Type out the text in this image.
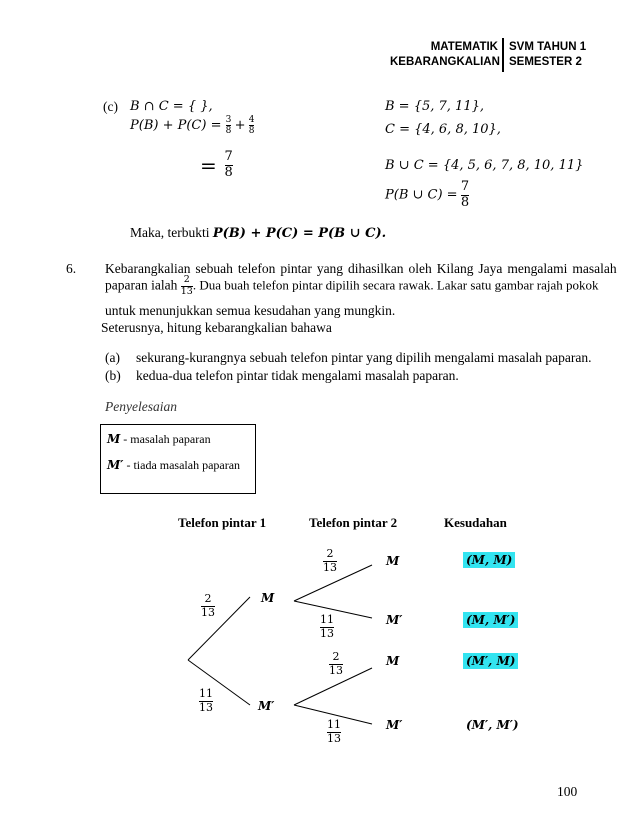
MATEMATIK
KEBARANGKALIAN
SVM TAHUN 1
SEMESTER 2
(c) B ∩ C = { },
$P(B) + P(C) = \frac{3}{8} + \frac{4}{8}$
= $\frac{7}{8}$
B = {5, 7, 11},
C = {4, 6, 8, 10},
B ∪ C = {4, 5, 6, 7, 8, 10, 11}
P(B ∪ $C) = \frac{7}{8}$
Maka, terbukti P(B) + P(C) = P(B ∪ C).
6. Kebarangkalian sebuah telefon pintar yang dihasilkan oleh Kilang Jaya mengalami masalah
paparan ialah $\frac{2}{13}$ . Dua buah telefon pintar dipilih secara rawak. Lakar satu gambar rajah pokok
untuk menunjukkan semua kesudahan yang mungkin.
Seterusnya, hitung kebarangkalian bahawa
(a) sekurang-kurangnya sebuah telefon pintar yang dipilih mengalami masalah paparan.
(b) kedua-dua telefon pintar tidak mengalami masalah paparan.
Penyelesaian
M - masalah paparan
M′ - tiada masalah paparan
Telefon pintar 1	Telefon pintar 2	Kesudahan
2
13
11
13
M
M′
2
13
11
13
2
13
11
13
M
M′
M
M′
(M, M)
(M, M′)
(M′, M)
(M′, M′)
100
